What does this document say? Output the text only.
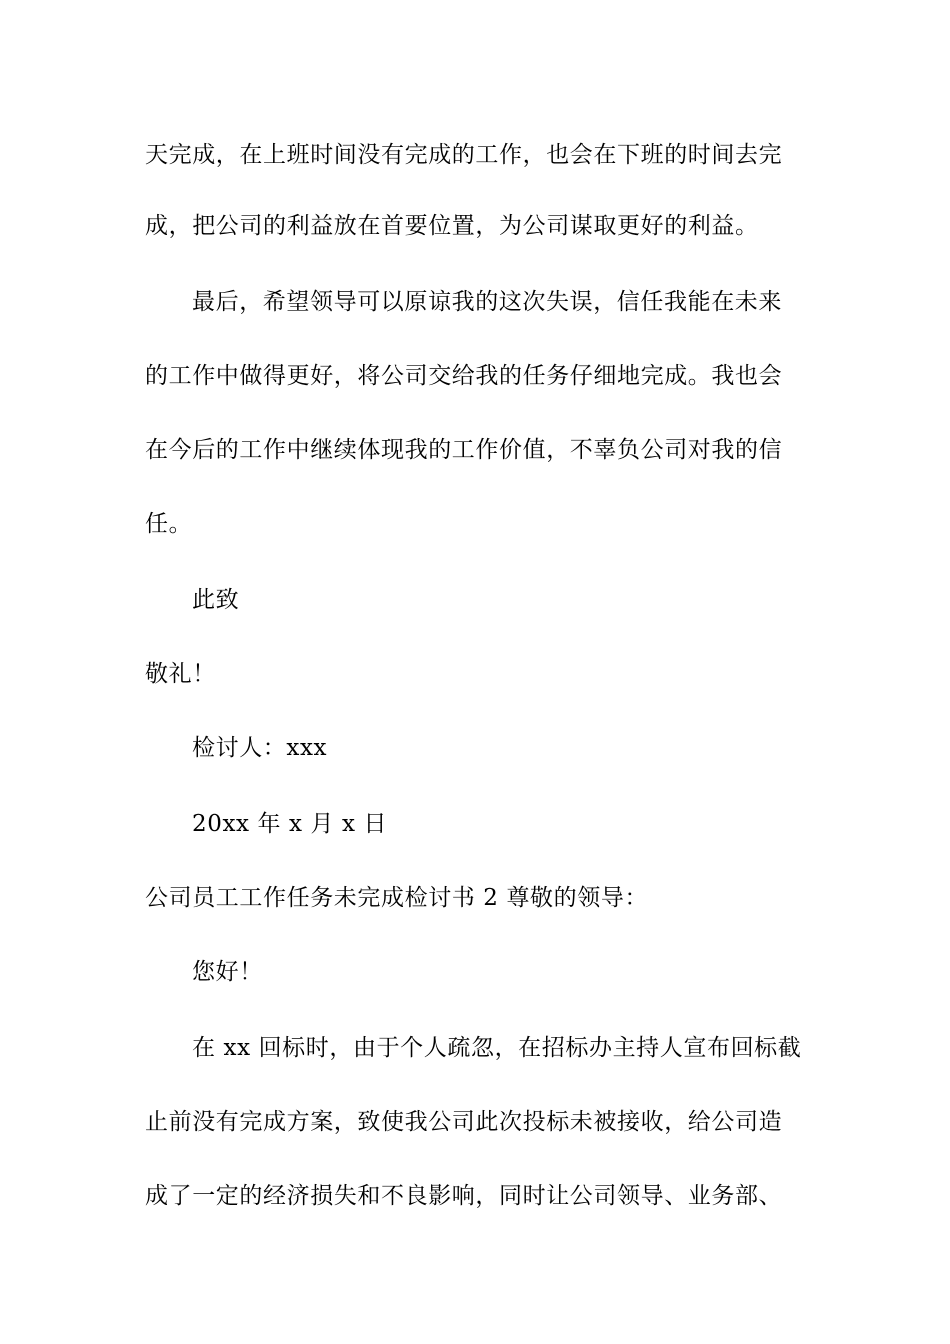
天完成，在上班时间没有完成的工作，也会在下班的时间去完
成，把公司的利益放在首要位置，为公司谋取更好的利益。
最后，希望领导可以原谅我的这次失误，信任我能在未来
的工作中做得更好，将公司交给我的任务仔细地完成。我也会
在今后的工作中继续体现我的工作价值，不辜负公司对我的信
任。
此致
敬礼！
检讨人：xxx
20xx 年 x 月 x 日
公司员工工作任务未完成检讨书 2 尊敬的领导：
您好！
在 xx 回标时，由于个人疏忽，在招标办主持人宣布回标截
止前没有完成方案，致使我公司此次投标未被接收，给公司造
成了一定的经济损失和不良影响，同时让公司领导、业务部、
